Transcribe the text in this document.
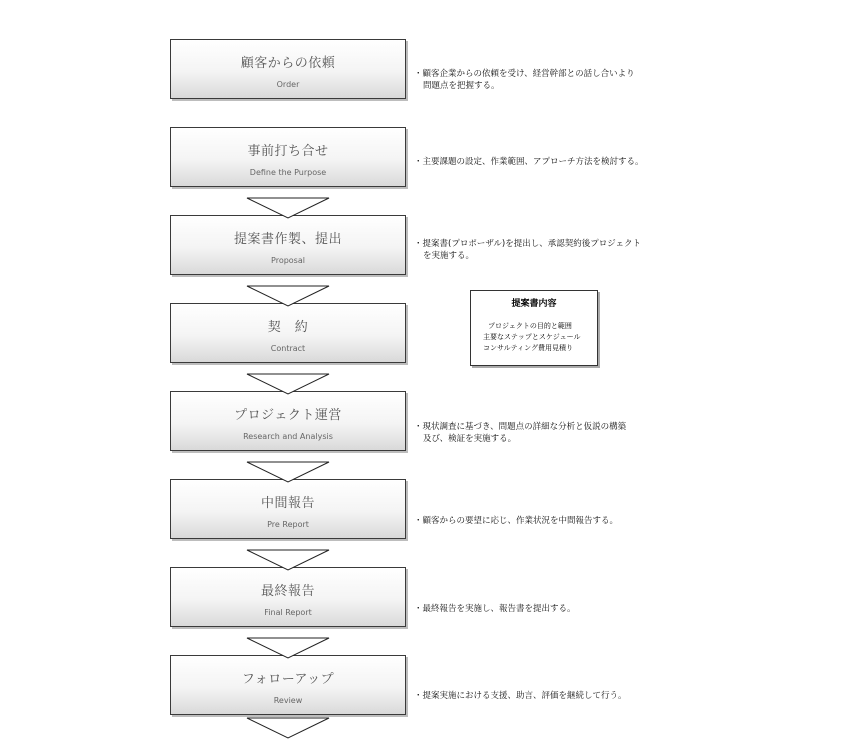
顧客からの依頼
Order
事前打ち合せ
Define the Purpose
提案書作製、提出
Proposal
契　約
Contract
プロジェクト運営
Research and Analysis
中間報告
Pre Report
最終報告
Final Report
フォローアップ
Review
・顧客企業からの依頼を受け、経営幹部との話し合いより
問題点を把握する。
・主要課題の設定、作業範囲、アプローチ方法を検討する。
・提案書(プロポーザル)を提出し、承認契約後プロジェクト
を実施する。
・現状調査に基づき、問題点の詳細な分析と仮説の構築
及び、検証を実施する。
・顧客からの要望に応じ、作業状況を中間報告する。
・最終報告を実施し、報告書を提出する。
・提案実施における支援、助言、評価を継続して行う。
提案書内容
プロジェクトの目的と範囲
主要なステップとスケジュール
コンサルティング費用見積り
